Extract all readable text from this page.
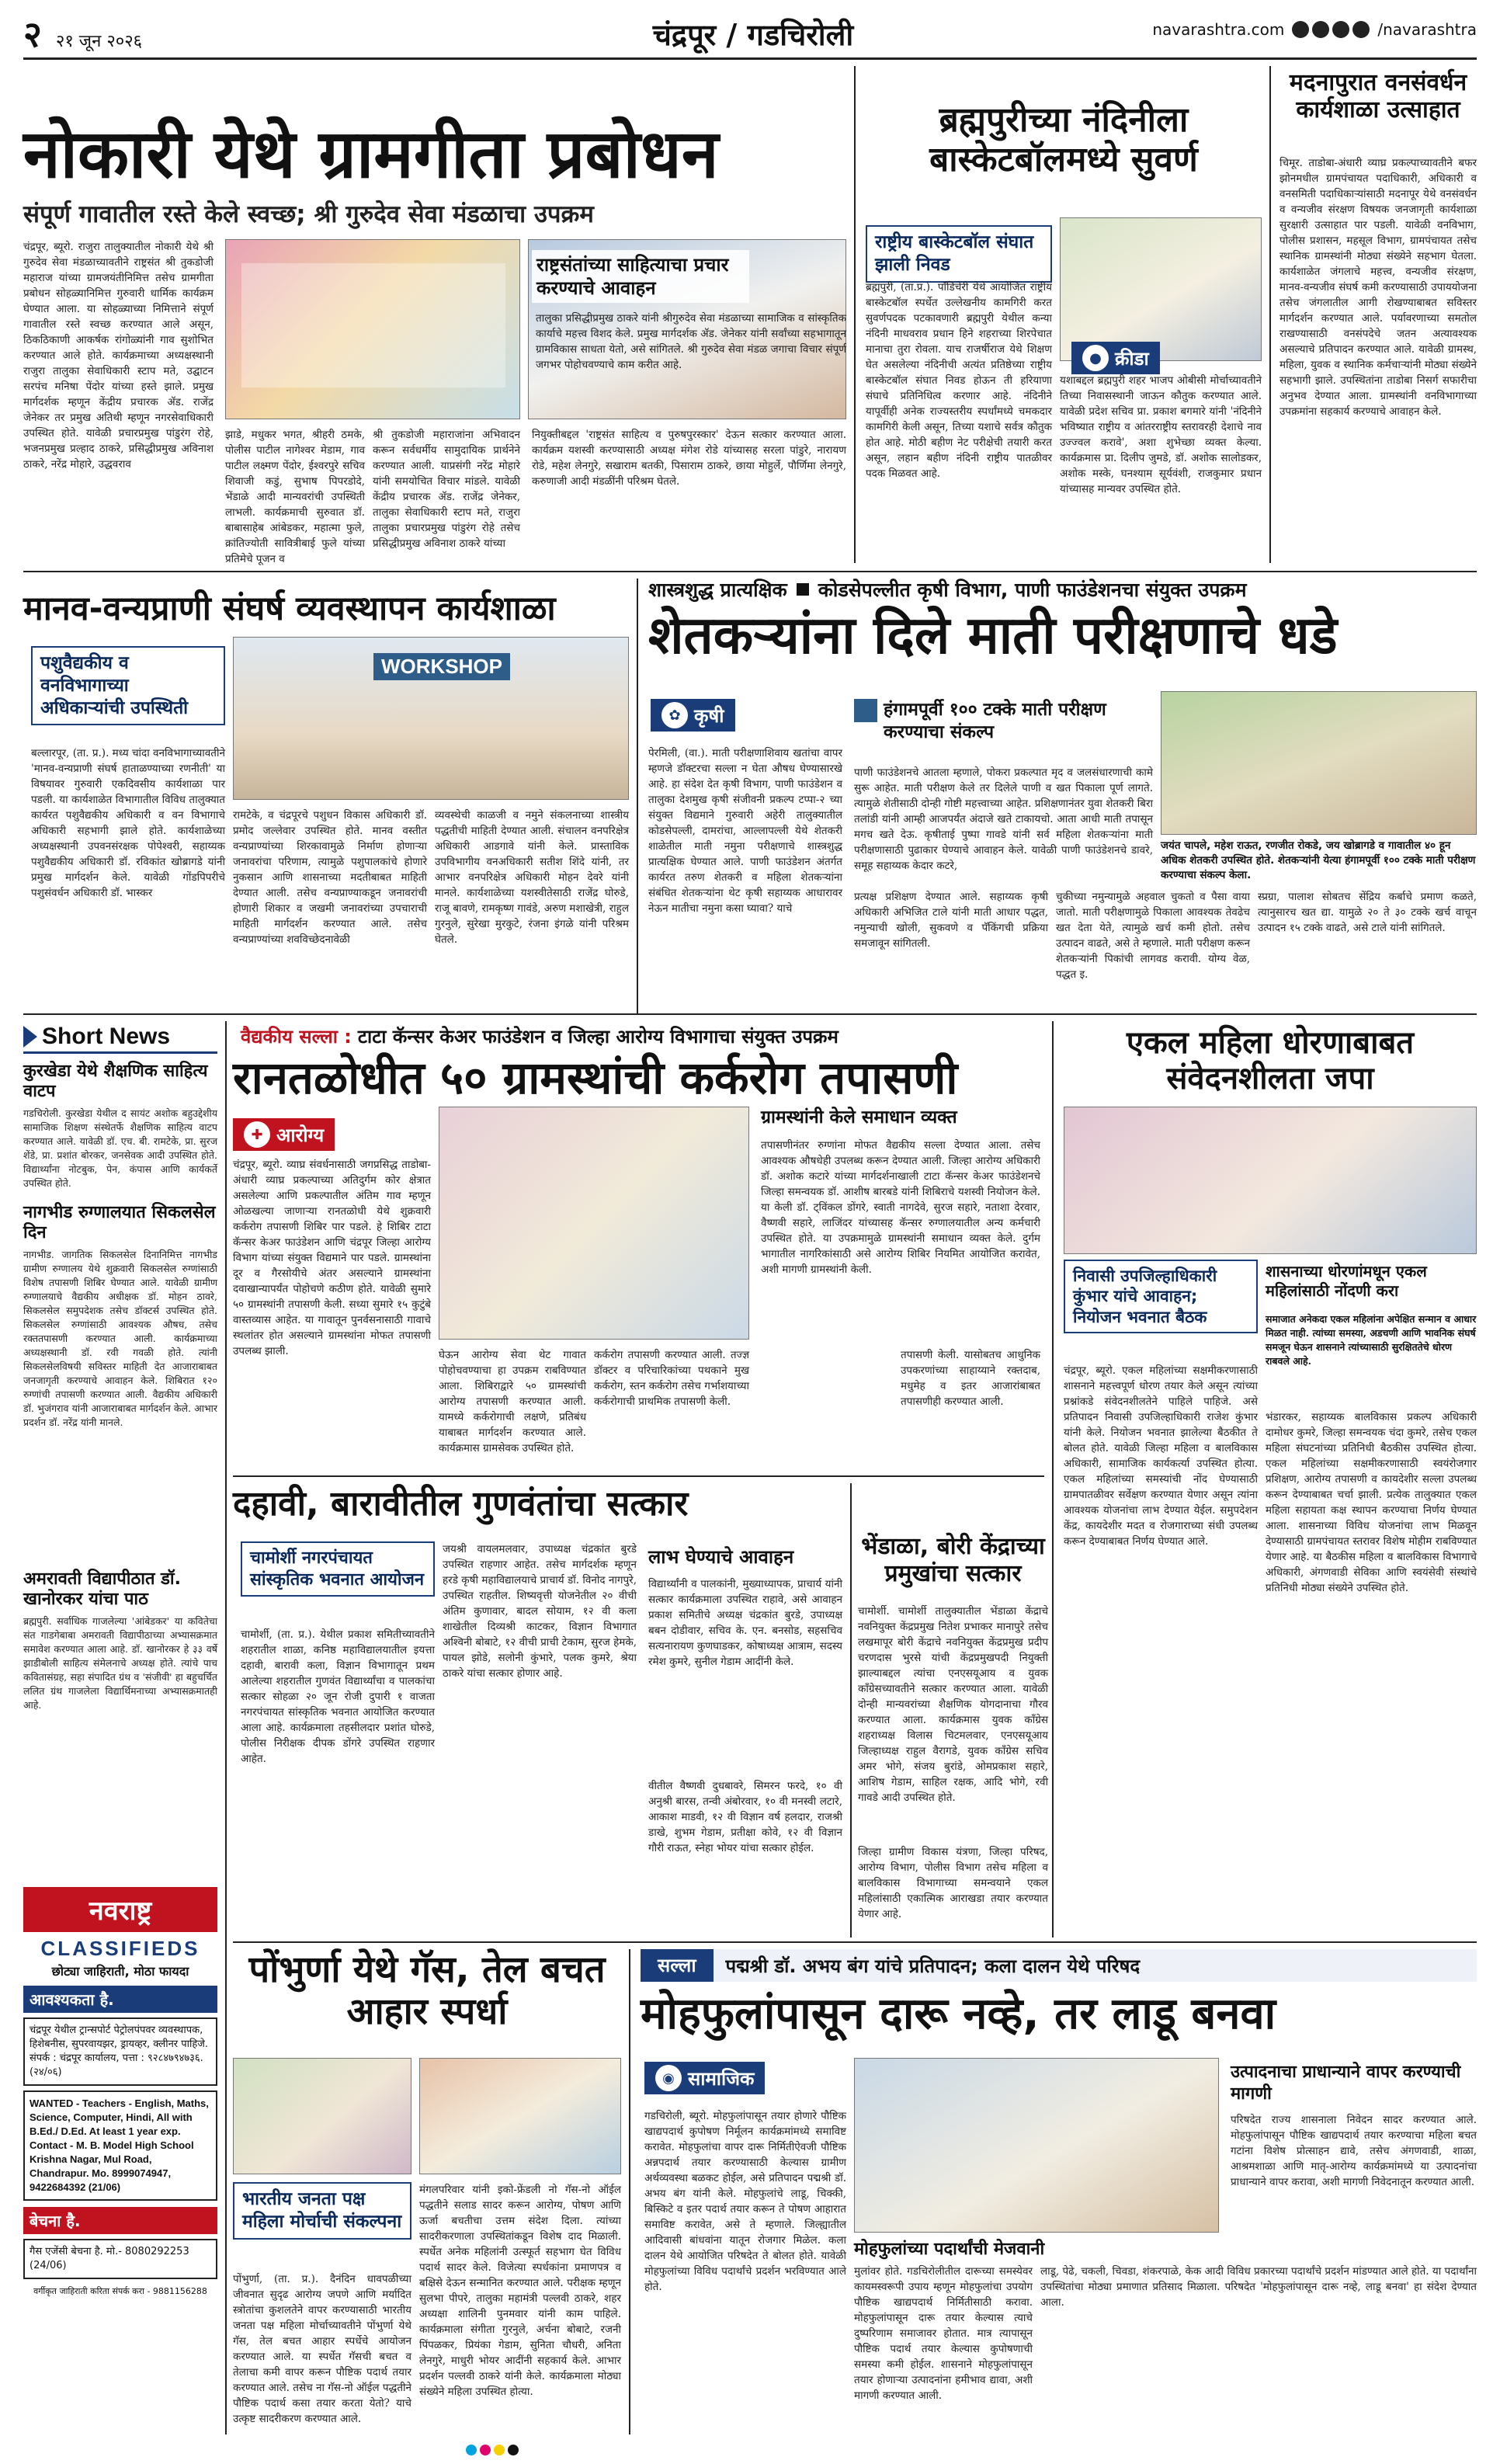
२ २१ जून २०२६	चंद्रपूर / गडचिरोली	navarashtra.com	/navarashtra
नोकारी येथे ग्रामगीता प्रबोधन
संपूर्ण गावातील रस्ते केले स्वच्छ; श्री गुरुदेव सेवा मंडळाचा उपक्रम
चंद्रपूर, ब्यूरो. राजुरा तालुक्यातील नोकारी येथे श्री गुरुदेव सेवा मंडळाच्यावतीने राष्ट्रसंत श्री तुकडोजी महाराज यांच्या ग्रामजयंतीनिमित्त तसेच ग्रामगीता प्रबोधन सोहळ्यानिमित्त गुरुवारी धार्मिक कार्यक्रम घेण्यात आला. या सोहळ्याच्या निमित्ताने संपूर्ण गावातील रस्ते स्वच्छ करण्यात आले असून, ठिकठिकाणी आकर्षक रांगोळ्यांनी गाव सुशोभित करण्यात आले होते. कार्यक्रमाच्या अध्यक्षस्थानी राजुरा तालुका सेवाधिकारी स्टाप मते, उद्घाटन सरपंच मनिषा पेंदोर यांच्या हस्ते झाले. प्रमुख मार्गदर्शक म्हणून केंद्रीय प्रचारक ॲड. राजेंद्र जेनेकर तर प्रमुख अतिथी म्हणून नगरसेवाधिकारी उपस्थित होते. यावेळी प्रचारप्रमुख पांडुरंग रोहे, भजनप्रमुख प्रल्हाद ठाकरे, प्रसिद्धीप्रमुख अविनाश ठाकरे, नरेंद्र मोहारे, उद्धवराव
राष्ट्रसंतांच्या साहित्याचा प्रचार करण्याचे आवाहन
झाडे, मधुकर भगत, श्रीहरी ठमके, पोलीस पाटील नागेश्वर मेडाम, गाव पाटील लक्ष्मण पेंदोर, ईश्वरपुरे सचिव शिवाजी कडुं, सुभाष पिपरडोदे, भेंडाळे आदी मान्यवरांची उपस्थिती लाभली. कार्यक्रमाची सुरुवात डॉ. बाबासाहेब आंबेडकर, महात्मा फुले, क्रांतिज्योती सावित्रीबाई फुले यांच्या प्रतिमेचे पूजन व
तालुका प्रसिद्धीप्रमुख ठाकरे यांनी श्रीगुरुदेव सेवा मंडळाच्या सामाजिक व सांस्कृतिक कार्याचे महत्त्व विशद केले. प्रमुख मार्गदर्शक ॲड. जेनेकर यांनी सर्वांच्या सहभागातून ग्रामविकास साधता येतो, असे सांगितले. श्री गुरुदेव सेवा मंडळ जगाचा विचार संपूर्ण जगभर पोहोचवण्याचे काम करीत आहे.
श्री तुकडोजी महाराजांना अभिवादन करून सर्वधर्मीय सामुदायिक प्रार्थनेने करण्यात आली. याप्रसंगी नरेंद्र मोहारे यांनी समयोचित विचार मांडले. यावेळी केंद्रीय प्रचारक ॲड. राजेंद्र जेनेकर, तालुका सेवाधिकारी स्टाप मते, राजुरा तालुका प्रचारप्रमुख पांडुरंग रोहे तसेच प्रसिद्धीप्रमुख अविनाश ठाकरे यांच्या
नियुक्तीबद्दल 'राष्ट्रसंत साहित्य व पुरुषपुरस्कार' देऊन सत्कार करण्यात आला. कार्यक्रम यशस्वी करण्यासाठी अध्यक्ष मंगेश रोडे यांच्यासह सरला पांडुरे, नारायण रोडे, महेश लेनगुरे, सखाराम बतकी, पिसाराम ठाकरे, छाया मोहुर्ले, पौर्णिमा लेनगुरे, करुणाजी आदी मंडळींनी परिश्रम घेतले.
ब्रह्मपुरीच्या नंदिनीला बास्केटबॉलमध्ये सुवर्ण
राष्ट्रीय बास्केटबॉल संघात झाली निवड
● क्रीडा
ब्रह्मपुरी, (ता.प्र.). पाँडिचेरी येथे आयोजित राष्ट्रीय बास्केटबॉल स्पर्धेत उल्लेखनीय कामगिरी करत सुवर्णपदक पटकावणारी ब्रह्मपुरी येथील कन्या नंदिनी माधवराव प्रधान हिने शहराच्या शिरपेचात मानाचा तुरा रोवला. याच राजर्षीराज येथे शिक्षण घेत असलेल्या नंदिनीची अत्यंत प्रतिष्ठेच्या राष्ट्रीय बास्केटबॉल संघात निवड होऊन ती हरियाणा संघाचे प्रतिनिधित्व करणार आहे. नंदिनीने यापूर्वीही अनेक राज्यस्तरीय स्पर्धांमध्ये चमकदार कामगिरी केली असून, तिच्या यशाचे सर्वत्र कौतुक होत आहे. मोठी बहीण नेट परीक्षेची तयारी करत असून, लहान बहीण नंदिनी राष्ट्रीय पातळीवर पदक मिळवत आहे.
यशाबद्दल ब्रह्मपुरी शहर भाजप ओबीसी मोर्चाच्यावतीने तिच्या निवासस्थानी जाऊन कौतुक करण्यात आले. यावेळी प्रदेश सचिव प्रा. प्रकाश बगमारे यांनी 'नंदिनीने भविष्यात राष्ट्रीय व आंतरराष्ट्रीय स्तरावरही देशाचे नाव उज्ज्वल करावे', अशा शुभेच्छा व्यक्त केल्या. कार्यक्रमास प्रा. दिलीप जुमडे, डॉ. अशोक सालोडकर, अशोक मस्के, घनश्याम सूर्यवंशी, राजकुमार प्रधान यांच्यासह मान्यवर उपस्थित होते.
मदनापुरात वनसंवर्धन कार्यशाळा उत्साहात
चिमूर. ताडोबा-अंधारी व्याघ्र प्रकल्पाच्यावतीने बफर झोनमधील ग्रामपंचायत पदाधिकारी, अधिकारी व वनसमिती पदाधिकाऱ्यांसाठी मदनापूर येथे वनसंवर्धन व वन्यजीव संरक्षण विषयक जनजागृती कार्यशाळा सुरक्षारी उत्साहात पार पडली. यावेळी वनविभाग, पोलीस प्रशासन, महसूल विभाग, ग्रामपंचायत तसेच स्थानिक ग्रामस्थांनी मोठ्या संख्येने सहभाग घेतला. कार्यशाळेत जंगलाचे महत्त्व, वन्यजीव संरक्षण, मानव-वन्यजीव संघर्ष कमी करण्यासाठी उपाययोजना तसेच जंगलातील आगी रोखण्याबाबत सविस्तर मार्गदर्शन करण्यात आले. पर्यावरणाच्या समतोल राखण्यासाठी वनसंपदेचे जतन अत्यावश्यक असल्याचे प्रतिपादन करण्यात आले. यावेळी ग्रामस्थ, महिला, युवक व स्थानिक कर्मचाऱ्यांनी मोठ्या संख्येने सहभागी झाले. उपस्थितांना ताडोबा निसर्ग सफारीचा अनुभव देण्यात आला. ग्रामस्थांनी वनविभागाच्या उपक्रमांना सहकार्य करण्याचे आवाहन केले.
मानव-वन्यप्राणी संघर्ष व्यवस्थापन कार्यशाळा
पशुवैद्यकीय व वनविभागाच्या अधिकाऱ्यांची उपस्थिती
WORKSHOP
बल्लारपूर, (ता. प्र.). मध्य चांदा वनविभागाच्यावतीने 'मानव-वन्यप्राणी संघर्ष हाताळण्याच्या रणनीती' या विषयावर गुरुवारी एकदिवसीय कार्यशाळा पार पडली. या कार्यशाळेत विभागातील विविध तालुक्यात कार्यरत पशुवैद्यकीय अधिकारी व वन विभागाचे अधिकारी सहभागी झाले होते. कार्यशाळेच्या अध्यक्षस्थानी उपवनसंरक्षक पोपेश्वरी, सहाय्यक पशुवैद्यकीय अधिकारी डॉ. रविकांत खोब्रागडे यांनी प्रमुख मार्गदर्शन केले. यावेळी गोंडपिपरीचे पशुसंवर्धन अधिकारी डॉ. भास्कर
रामटेके, व चंद्रपूरचे पशुधन विकास अधिकारी डॉ. प्रमोद जल्लेवार उपस्थित होते. मानव वस्तीत वन्यप्राण्यांच्या शिरकावामुळे निर्माण होणाऱ्या जनावरांचा परिणाम, त्यामुळे पशुपालकांचे होणारे नुकसान आणि शासनाच्या मदतीबाबत माहिती देण्यात आली. तसेच वन्यप्राण्याकडून जनावरांची होणारी शिकार व जखमी जनावरांच्या उपचाराची माहिती मार्गदर्शन करण्यात आले. तसेच वन्यप्राण्यांच्या शवविच्छेदनावेळी
व्यवस्थेची काळजी व नमुने संकलनाच्या शास्त्रीय पद्धतीची माहिती देण्यात आली. संचालन वनपरिक्षेत्र अधिकारी आडगावे यांनी केले. प्रास्ताविक उपविभागीय वनअधिकारी सतीश शिंदे यांनी, तर आभार वनपरिक्षेत्र अधिकारी मोहन देवरे यांनी मानले. कार्यशाळेच्या यशस्वीतेसाठी राजेंद्र घोरुडे, राजू बावणे, रामकृष्ण गावंडे, अरुण मशाखेत्री, राहुल गुरनुले, सुरेखा मुरकुटे, रंजना इंगळे यांनी परिश्रम घेतले.
शास्त्रशुद्ध प्रात्यक्षिक कोडसेपल्लीत कृषी विभाग, पाणी फाउंडेशनचा संयुक्त उपक्रम
शेतकऱ्यांना दिले माती परीक्षणाचे धडे
✿ कृषी	हंगामपूर्वी १०० टक्के माती परीक्षण करण्याचा संकल्प
जयंत चापले, महेश राऊत, रणजीत रोकडे, जय खोब्रागडे व गावातील ४० हून अधिक शेतकरी उपस्थित होते. शेतकऱ्यांनी येत्या हंगामपूर्वी १०० टक्के माती परीक्षण करण्याचा संकल्प केला.
पेरमिली, (वा.). माती परीक्षणाशिवाय खतांचा वापर म्हणजे डॉक्टरचा सल्ला न घेता औषध घेण्यासारखे आहे. हा संदेश देत कृषी विभाग, पाणी फाउंडेशन व तालुका देशमुख कृषी संजीवनी प्रकल्प टप्पा-२ च्या संयुक्त विद्यमाने गुरुवारी अहेरी तालुक्यातील कोडसेपल्ली, दामरांचा, आल्लापल्ली येथे शेतकरी शाळेतील माती नमुना परीक्षणाचे शास्त्रशुद्ध प्रात्यक्षिक घेण्यात आले. पाणी फाउंडेशन अंतर्गत कार्यरत तरुण शेतकरी व महिला शेतकऱ्यांना संबंधित शेतकऱ्यांना थेट कृषी सहाय्यक आधारावर नेऊन मातीचा नमुना कसा घ्यावा? याचे
पाणी फाउंडेशनचे आतला म्हणाले, पोकरा प्रकल्पात मृद व जलसंधारणाची कामे सुरू आहेत. माती परीक्षण केले तर दिलेले पाणी व खत पिकाला पूर्ण लागते. त्यामुळे शेतीसाठी दोन्ही गोष्टी महत्त्वाच्या आहेत. प्रशिक्षणानंतर युवा शेतकरी बिरा तलांडी यांनी आम्ही आजपर्यंत अंदाजे खते टाकायचो. आता आधी माती तपासून मगच खते देऊ. कृषीताई पुष्पा गावडे यांनी सर्व महिला शेतकऱ्यांना माती परीक्षणासाठी पुढाकार घेण्याचे आवाहन केले. यावेळी पाणी फाउंडेशनचे डावरे, समूह सहाय्यक केदार कटरे,
प्रत्यक्ष प्रशिक्षण देण्यात आले. सहाय्यक कृषी अधिकारी अभिजित टाले यांनी माती आधार पद्धत, नमुन्याची खोली, सुकवणे व पॅकिंगची प्रक्रिया समजावून सांगितली.
चुकीच्या नमुन्यामुळे अहवाल चुकतो व पैसा वाया जातो. माती परीक्षणामुळे पिकाला आवश्यक तेवढेच खत देता येते, त्यामुळे खर्च कमी होतो. तसेच उत्पादन वाढते, असे ते म्हणाले. माती परीक्षण करून शेतकऱ्यांनी पिकांची लागवड करावी. योग्य वेळ, पद्धत इ.
स्प्रग्रा, पालाश सोबतच सेंद्रिय कर्बाचे प्रमाण कळते, त्यानुसारच खत द्या. यामुळे २० ते ३० टक्के खर्च वाचून उत्पादन १५ टक्के वाढते, असे टाले यांनी सांगितले.
Short News
कुरखेडा येथे शैक्षणिक साहित्य वाटप
गडचिरोली. कुरखेडा येथील द सायंट अशोक बहुउद्देशीय सामाजिक शिक्षण संस्थेतर्फे शैक्षणिक साहित्य वाटप करण्यात आले. यावेळी डॉ. एच. बी. रामटेके, प्रा. सुरज शेंडे, प्रा. प्रशांत बोरकर, जनसेवक आदी उपस्थित होते. विद्यार्थ्यांना नोटबुक, पेन, कंपास आणि कार्यकर्ते उपस्थित होते.
नागभीड रुग्णालयात सिकलसेल दिन
नागभीड. जागतिक सिकलसेल दिनानिमित्त नागभीड ग्रामीण रुग्णालय येथे शुक्रवारी सिकलसेल रुग्णांसाठी विशेष तपासणी शिबिर घेण्यात आले. यावेळी ग्रामीण रुग्णालयाचे वैद्यकीय अधीक्षक डॉ. मोहन ठावरे, सिकलसेल समुपदेशक तसेच डॉक्टर्स उपस्थित होते. सिकलसेल रुग्णांसाठी आवश्यक औषध, तसेच रक्ततपासणी करण्यात आली. कार्यक्रमाच्या अध्यक्षस्थानी डॉ. रवी गवळी होते. त्यांनी सिकलसेलविषयी सविस्तर माहिती देत आजाराबाबत जनजागृती करण्याचे आवाहन केले. शिबिरात १२० रुग्णांची तपासणी करण्यात आली. वैद्यकीय अधिकारी डॉ. भुजंगराव यांनी आजाराबाबत मार्गदर्शन केले. आभार प्रदर्शन डॉ. नरेंद्र यांनी मानले.
अमरावती विद्यापीठात डॉ. खानोरकर यांचा पाठ
ब्रह्मपुरी. सर्वाधिक गाजलेल्या 'आंबेडकर' या कवितेचा संत गाडगेबाबा अमरावती विद्यापीठाच्या अभ्यासक्रमात समावेश करण्यात आला आहे. डॉ. खानोरकर हे ३३ वर्षे झाडीबोली साहित्य संमेलनाचे अध्यक्ष होते. त्यांचे पाच कवितासंग्रह, सहा संपादित ग्रंथ व 'संजीवी' हा बहुचर्चित ललित ग्रंथ गाजलेला विद्यार्थिमनाच्या अभ्यासक्रमातही आहे.
नवराष्ट्र
CLASSIFIEDS
छोट्या जाहिराती, मोठा फायदा
आवश्यकता है.
चंद्रपूर येथील ट्रान्सपोर्ट पेट्रोलपंपवर व्यवस्थापक, हिशेबनीस, सुपरवायझर, ड्रायव्हर, क्लीनर पाहिजे. संपर्क : चंद्रपूर कार्यालय, पत्ता : ९२८४७९४७३६. (२४/०६)
WANTED - Teachers - English, Maths, Science, Computer, Hindi, All with B.Ed./ D.Ed. At least 1 year exp. Contact - M. B. Model High School Krishna Nagar, Mul Road, Chandrapur. Mo. 8999074947, 9422684392 (21/06)
बेचना है.
गैस एजेंसी बेचना है. मो.- 8080292253 (24/06)
वर्गीकृत जाहिराती करिता संपर्क करा - 9881156288
वैद्यकीय सल्ला : टाटा कॅन्सर केअर फाउंडेशन व जिल्हा आरोग्य विभागाचा संयुक्त उपक्रम
रानतळोधीत ५० ग्रामस्थांची कर्करोग तपासणी
✚ आरोग्य
ग्रामस्थांनी केले समाधान व्यक्त
चंद्रपूर, ब्यूरो. व्याघ्र संवर्धनासाठी जगप्रसिद्ध ताडोबा-अंधारी व्याघ्र प्रकल्पाच्या अतिदुर्गम कोर क्षेत्रात असलेल्या आणि प्रकल्पातील अंतिम गाव म्हणून ओळखल्या जाणाऱ्या रानतळोधी येथे शुक्रवारी कर्करोग तपासणी शिबिर पार पडले. हे शिबिर टाटा कॅन्सर केअर फाउंडेशन आणि चंद्रपूर जिल्हा आरोग्य विभाग यांच्या संयुक्त विद्यमाने पार पडले. ग्रामस्थांना दूर व गैरसोयीचे अंतर असल्याने ग्रामस्थांना दवाखान्यापर्यंत पोहोचणे कठीण होते. यावेळी सुमारे ५० ग्रामस्थांनी तपासणी केली. सध्या सुमारे १५ कुटुंबे वास्तव्यास आहेत. या गावातून पुनर्वसनासाठी गावाचे स्थलांतर होत असल्याने ग्रामस्थांना मोफत तपासणी उपलब्ध झाली.	घेऊन आरोग्य सेवा थेट गावात पोहोचवण्याचा हा उपक्रम राबविण्यात आला. शिबिराद्वारे ५० ग्रामस्थांची आरोग्य तपासणी करण्यात आली. यामध्ये कर्करोगाची लक्षणे, प्रतिबंध याबाबत मार्गदर्शन करण्यात आले. कार्यक्रमास ग्रामसेवक उपस्थित होते.
कर्करोग तपासणी करण्यात आली. तज्ज्ञ डॉक्टर व परिचारिकांच्या पथकाने मुख कर्करोग, स्तन कर्करोग तसेच गर्भाशयाच्या कर्करोगाची प्राथमिक तपासणी केली.
तपासणीनंतर रुग्णांना मोफत वैद्यकीय सल्ला देण्यात आला. तसेच आवश्यक औषधेही उपलब्ध करून देण्यात आली. जिल्हा आरोग्य अधिकारी डॉ. अशोक कटारे यांच्या मार्गदर्शनाखाली टाटा कॅन्सर केअर फाउंडेशनचे जिल्हा समन्वयक डॉ. आशीष बारबडे यांनी शिबिराचे यशस्वी नियोजन केले. या केली डॉ. ट्विंकल डोंगरे, स्वाती नागदेवे, सुरज सहारे, नताशा देरवार, वैष्णवी सहारे, लाजिंदर यांच्यासह कॅन्सर रुग्णालयातील अन्य कर्मचारी उपस्थित होते. या उपक्रमामुळे ग्रामस्थांनी समाधान व्यक्त केले. दुर्गम भागातील नागरिकांसाठी असे आरोग्य शिबिर नियमित आयोजित करावेत, अशी मागणी ग्रामस्थांनी केली.
तपासणी केली. यासोबतच आधुनिक उपकरणांच्या साहाय्याने रक्तदाब, मधुमेह व इतर आजारांबाबत तपासणीही करण्यात आली.
एकल महिला धोरणाबाबत संवेदनशीलता जपा
निवासी उपजिल्हाधिकारी कुंभार यांचे आवाहन; नियोजन भवनात बैठक
शासनाच्या धोरणांमधून एकल महिलांसाठी नोंदणी करा
समाजात अनेकदा एकल महिलांना अपेक्षित सन्मान व आधार मिळत नाही. त्यांच्या समस्या, अडचणी आणि भावनिक संघर्ष समजून घेऊन शासनाने त्यांच्यासाठी सुरक्षिततेचे धोरण राबवले आहे.
चंद्रपूर, ब्यूरो. एकल महिलांच्या सक्षमीकरणासाठी शासनाने महत्त्वपूर्ण धोरण तयार केले असून त्यांच्या प्रश्नांकडे संवेदनशीलतेने पाहिले पाहिजे. असे प्रतिपादन निवासी उपजिल्हाधिकारी राजेश कुंभार यांनी केले. नियोजन भवनात झालेल्या बैठकीत ते बोलत होते. यावेळी जिल्हा महिला व बालविकास अधिकारी, सामाजिक कार्यकर्त्या उपस्थित होत्या. एकल महिलांच्या समस्यांची नोंद घेण्यासाठी ग्रामपातळीवर सर्वेक्षण करण्यात येणार असून त्यांना आवश्यक योजनांचा लाभ देण्यात येईल. समुपदेशन केंद्र, कायदेशीर मदत व रोजगाराच्या संधी उपलब्ध करून देण्याबाबत निर्णय घेण्यात आले.
भंडारकर, सहाय्यक बालविकास प्रकल्प अधिकारी दामोधर कुमरे, जिल्हा समन्वयक चंदा कुमरे, तसेच एकल महिला संघटनांच्या प्रतिनिधी बैठकीस उपस्थित होत्या. एकल महिलांच्या सक्षमीकरणासाठी स्वयंरोजगार प्रशिक्षण, आरोग्य तपासणी व कायदेशीर सल्ला उपलब्ध करून देण्याबाबत चर्चा झाली. प्रत्येक तालुक्यात एकल महिला सहायता कक्ष स्थापन करण्याचा निर्णय घेण्यात आला. शासनाच्या विविध योजनांचा लाभ मिळवून देण्यासाठी ग्रामपंचायत स्तरावर विशेष मोहीम राबविण्यात येणार आहे. या बैठकीस महिला व बालविकास विभागाचे अधिकारी, अंगणवाडी सेविका आणि स्वयंसेवी संस्थांचे प्रतिनिधी मोठ्या संख्येने उपस्थित होते.
दहावी, बारावीतील गुणवंतांचा सत्कार
चामोर्शी नगरपंचायत सांस्कृतिक भवनात आयोजन
चामोर्शी, (ता. प्र.). येथील प्रकाश समितीच्यावतीने शहरातील शाळा, कनिष्ठ महाविद्यालयातील इयत्ता दहावी, बारावी कला, विज्ञान विभागातून प्रथम आलेल्या शहरातील गुणवंत विद्यार्थ्यांचा व पालकांचा सत्कार सोहळा २० जून रोजी दुपारी १ वाजता नगरपंचायत सांस्कृतिक भवनात आयोजित करण्यात आला आहे. कार्यक्रमाला तहसीलदार प्रशांत घोरुडे, पोलीस निरीक्षक दीपक डोंगरे उपस्थित राहणार आहेत.
जयश्री वायलमलवार, उपाध्यक्ष चंद्रकांत बुरडे उपस्थित राहणार आहेत. तसेच मार्गदर्शक म्हणून हरडे कृषी महाविद्यालयाचे प्राचार्य डॉ. विनोद नागपुरे, उपस्थित राहतील. शिष्यवृत्ती योजनेतील २० वीची अंतिम कुणावार, बादल सोयाम, १२ वी कला शाखेतील दिव्यश्री काटकर, विज्ञान विभागात अश्विनी बोबाटे, १२ वीची प्राची टेकाम, सुरज हेमके, पायल झोडे, सलोनी कुंभारे, पलक कुमरे, श्रेया ठाकरे यांचा सत्कार होणार आहे.
लाभ घेण्याचे आवाहन
विद्यार्थ्यांनी व पालकांनी, मुख्याध्यापक, प्राचार्य यांनी सत्कार कार्यक्रमाला उपस्थित राहावे, असे आवाहन प्रकाश समितीचे अध्यक्ष चंद्रकांत बुरडे, उपाध्यक्ष बबन दोडीवार, सचिव के. एन. बनसोड, सहसचिव सत्यनारायण कुणघाडकर, कोषाध्यक्ष आत्राम, सदस्य रमेश कुमरे, सुनील गेडाम आदींनी केले.
वीतील वैष्णवी दुधबावरे, सिमरन फरदे, १० वी अनुश्री बारस, तन्वी अंबोरवार, १० वी मनस्वी लटारे, आकाश माडवी, १२ वी विज्ञान वर्ष हलदार, राजश्री डाखे, शुभम गेडाम, प्रतीक्षा कोवे, १२ वी विज्ञान गौरी राऊत, स्नेहा भोयर यांचा सत्कार होईल.
भेंडाळा, बोरी केंद्राच्या प्रमुखांचा सत्कार
चामोर्शी. चामोर्शी तालुक्यातील भेंडाळा केंद्राचे नवनियुक्त केंद्रप्रमुख नितेश प्रभाकर मानापुरे तसेच लखमापूर बोरी केंद्राचे नवनियुक्त केंद्रप्रमुख प्रदीप चरणदास भुरसे यांची केंद्रप्रमुखपदी नियुक्ती झाल्याबद्दल त्यांचा एनएसयूआय व युवक काँग्रेसच्यावतीने सत्कार करण्यात आला. यावेळी दोन्ही मान्यवरांच्या शैक्षणिक योगदानाचा गौरव करण्यात आला. कार्यक्रमास युवक काँग्रेस शहराध्यक्ष विलास चिटमलवार, एनएसयूआय जिल्हाध्यक्ष राहुल वैरागडे, युवक काँग्रेस सचिव अमर भोगे, संजय बुरांडे, ओमप्रकाश सहारे, आशिष गेडाम, साहिल रक्षक, आदि भोगे, रवी गावडे आदी उपस्थित होते.
जिल्हा ग्रामीण विकास यंत्रणा, जिल्हा परिषद, आरोग्य विभाग, पोलीस विभाग तसेच महिला व बालविकास विभागाच्या समन्वयाने एकल महिलांसाठी एकात्मिक आराखडा तयार करण्यात येणार आहे.
पोंभुर्णा येथे गॅस, तेल बचत आहार स्पर्धा
भारतीय जनता पक्ष महिला मोर्चाची संकल्पना
पोंभुर्णा, (ता. प्र.). दैनंदिन धावपळीच्या जीवनात सुदृढ आरोग्य जपणे आणि मर्यादित स्त्रोतांचा कुशलतेने वापर करण्यासाठी भारतीय जनता पक्ष महिला मोर्चाच्यावतीने पोंभुर्णा येथे गॅस, तेल बचत आहार स्पर्धेचे आयोजन करण्यात आले. या स्पर्धेत गॅसची बचत व तेलाचा कमी वापर करून पौष्टिक पदार्थ तयार करण्यात आले. तसेच ना गॅस-नो ऑईल पद्धतीने पौष्टिक पदार्थ कसा तयार करता येतो? याचे उत्कृष्ट सादरीकरण करण्यात आले.
मंगलपरिवार यांनी इको-फ्रेंडली नो गॅस-नो ऑईल पद्धतीने सलाड सादर करून आरोग्य, पोषण आणि ऊर्जा बचतीचा उत्तम संदेश दिला. त्यांच्या सादरीकरणाला उपस्थितांकडून विशेष दाद मिळाली. स्पर्धेत अनेक महिलांनी उत्स्फूर्त सहभाग घेत विविध पदार्थ सादर केले. विजेत्या स्पर्धकांना प्रमाणपत्र व बक्षिसे देऊन सन्मानित करण्यात आले. परीक्षक म्हणून सुलभा पीपरे, तालुका महामंत्री पल्लवी ठाकरे, शहर अध्यक्षा शालिनी पुनमवार यांनी काम पाहिले. कार्यक्रमाला संगीता गुरनुले, अर्चना बोबाटे, रजनी पिंपळकर, प्रियंका गेडाम, सुनिता चौधरी, अनिता लेनगुरे, माधुरी भोयर आदींनी सहकार्य केले. आभार प्रदर्शन पल्लवी ठाकरे यांनी केले. कार्यक्रमाला मोठ्या संख्येने महिला उपस्थित होत्या.
सल्ला	पद्मश्री डॉ. अभय बंग यांचे प्रतिपादन; कला दालन येथे परिषद
मोहफुलांपासून दारू नव्हे, तर लाडू बनवा
◉ सामाजिक
मोहफुलांच्या पदार्थांची मेजवानी
उत्पादनाचा प्राधान्याने वापर करण्याची मागणी
गडचिरोली, ब्यूरो. मोहफुलांपासून तयार होणारे पौष्टिक खाद्यपदार्थ कुपोषण निर्मूलन कार्यक्रमांमध्ये समाविष्ट करावेत. मोहफुलांचा वापर दारू निर्मितीऐवजी पौष्टिक अन्नपदार्थ तयार करण्यासाठी केल्यास ग्रामीण अर्थव्यवस्था बळकट होईल, असे प्रतिपादन पद्मश्री डॉ. अभय बंग यांनी केले. मोहफुलांचे लाडू, चिक्की, बिस्किटे व इतर पदार्थ तयार करून ते पोषण आहारात समाविष्ट करावेत, असे ते म्हणाले. जिल्ह्यातील आदिवासी बांधवांना यातून रोजगार मिळेल. कला दालन येथे आयोजित परिषदेत ते बोलत होते. यावेळी मोहफुलांच्या विविध पदार्थांचे प्रदर्शन भरविण्यात आले होते.
मुलांवर होते. गडचिरोलीतील दारूच्या समस्येवर कायमस्वरूपी उपाय म्हणून मोहफुलांचा उपयोग पौष्टिक खाद्यपदार्थ निर्मितीसाठी करावा. मोहफुलांपासून दारू तयार केल्यास त्याचे दुष्परिणाम समाजावर होतात. मात्र त्यापासून पौष्टिक पदार्थ तयार केल्यास कुपोषणाची समस्या कमी होईल. शासनाने मोहफुलांपासून तयार होणाऱ्या उत्पादनांना हमीभाव द्यावा, अशी मागणी करण्यात आली.
परिषदेत राज्य शासनाला निवेदन सादर करण्यात आले. मोहफुलांपासून पौष्टिक खाद्यपदार्थ तयार करण्याचा महिला बचत गटांना विशेष प्रोत्साहन द्यावे, तसेच अंगणवाडी, शाळा, आश्रमशाळा आणि मातृ-आरोग्य कार्यक्रमांमध्ये या उत्पादनांचा प्राधान्याने वापर करावा, अशी मागणी निवेदनातून करण्यात आली.
लाडू, पेढे, चकली, चिवडा, शंकरपाळे, केक आदी विविध प्रकारच्या पदार्थांचे प्रदर्शन मांडण्यात आले होते. या पदार्थांना उपस्थितांचा मोठ्या प्रमाणात प्रतिसाद मिळाला. परिषदेत 'मोहफुलांपासून दारू नव्हे, लाडू बनवा' हा संदेश देण्यात आला.
